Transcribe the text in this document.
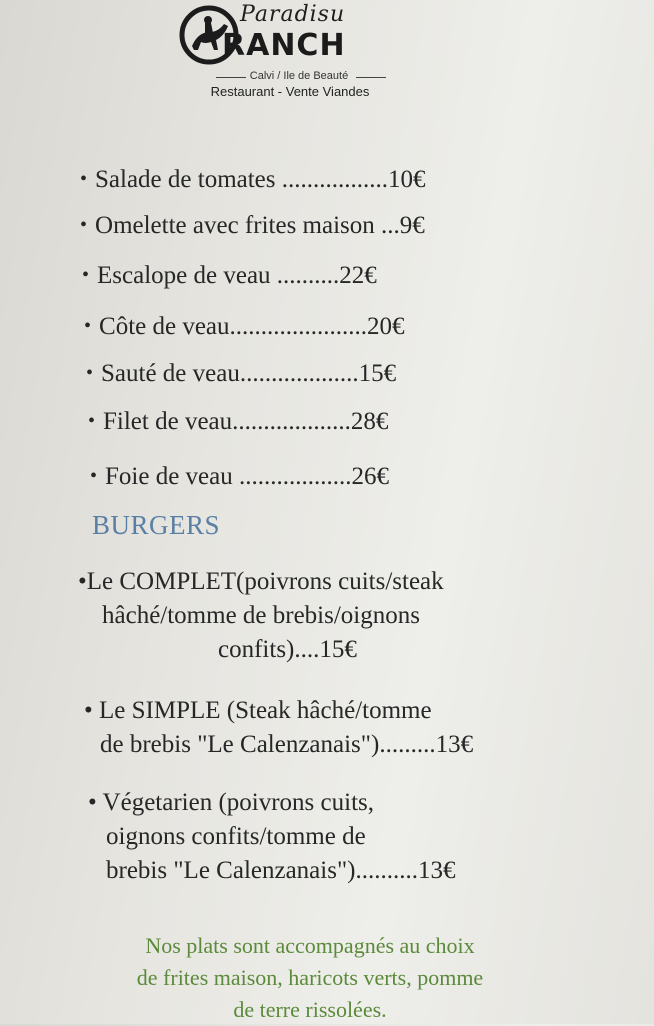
Paradisu
RANCH
Calvi / Ile de Beauté
Restaurant - Vente Viandes
• Salade de tomates .................10€
• Omelette avec frites maison ...9€
• Escalope de veau ..........22€
• Côte de veau......................20€
• Sauté de veau...................15€
• Filet de veau...................28€
• Foie de veau ..................26€
BURGERS
•Le COMPLET(poivrons cuits/steak
hâché/tomme de brebis/oignons
confits)....15€
• Le SIMPLE (Steak hâché/tomme
de brebis "Le Calenzanais").........13€
• Végetarien (poivrons cuits,
oignons confits/tomme de
brebis "Le Calenzanais")..........13€
Nos plats sont accompagnés au choix
de frites maison, haricots verts, pomme
de terre rissolées.
